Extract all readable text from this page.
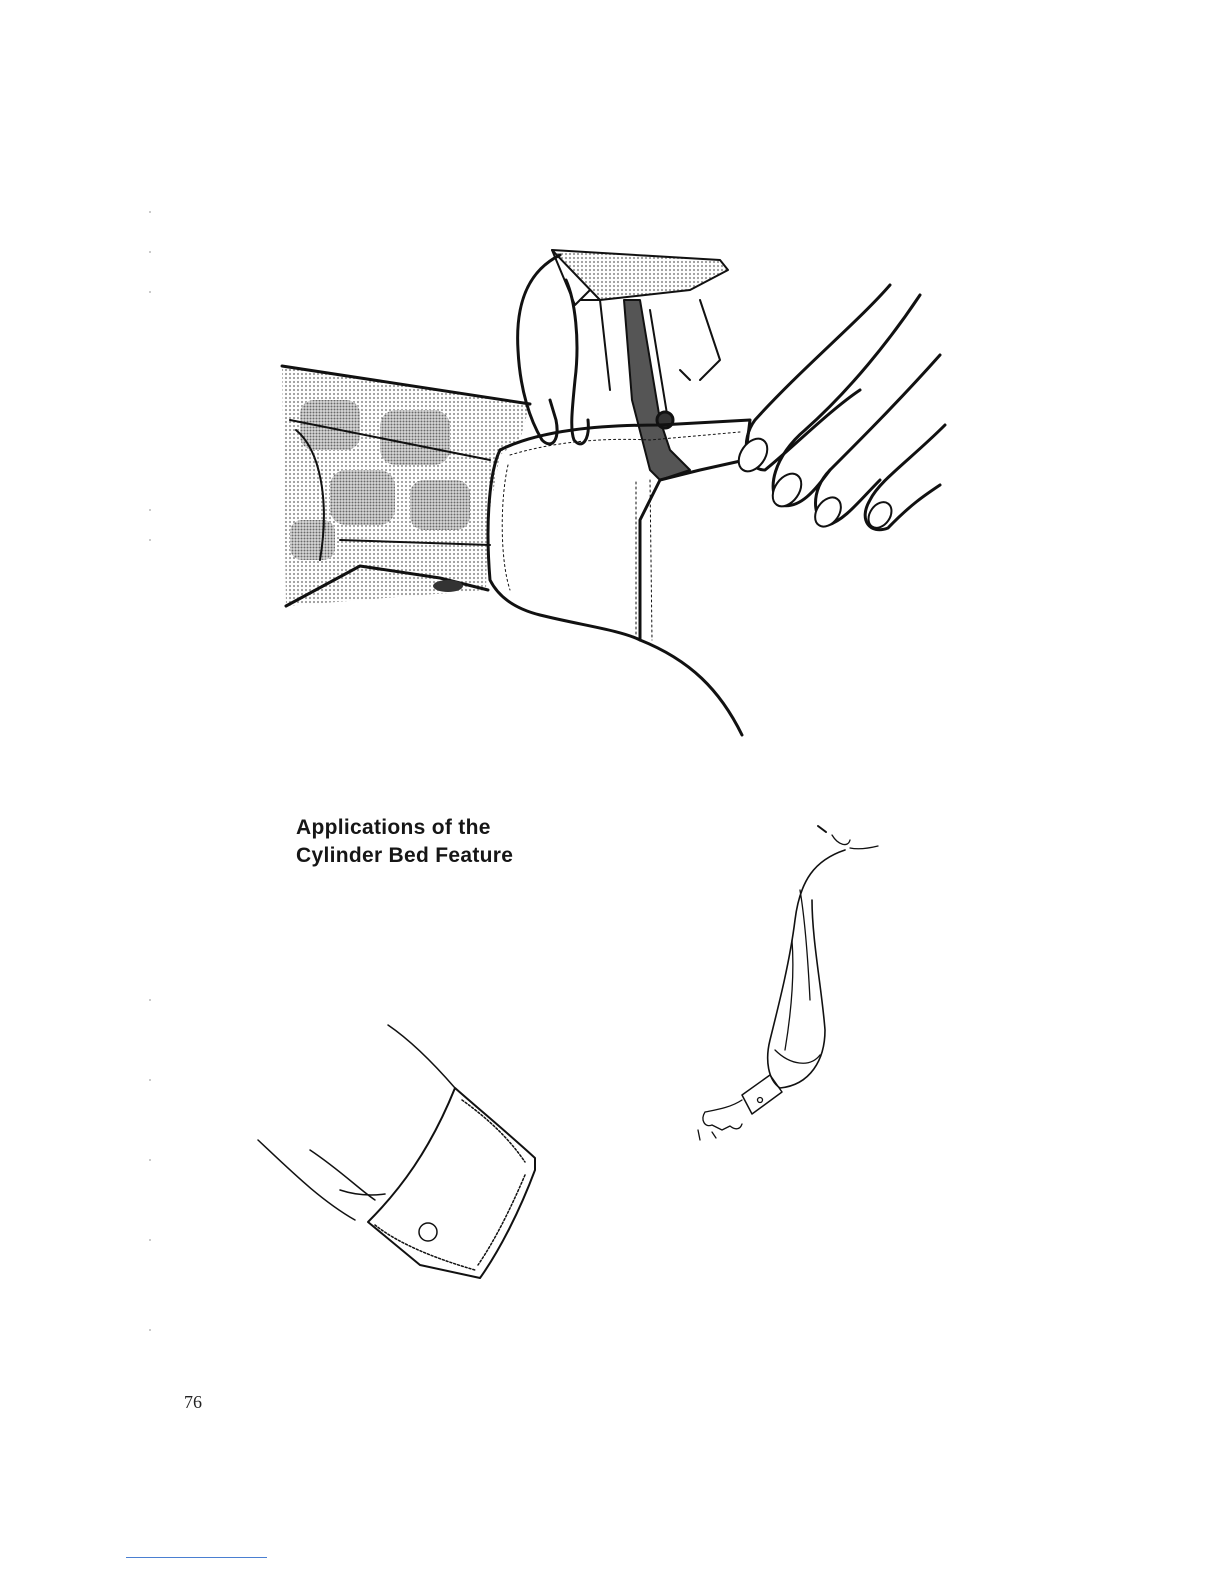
Applications of the
Cylinder Bed Feature
76
